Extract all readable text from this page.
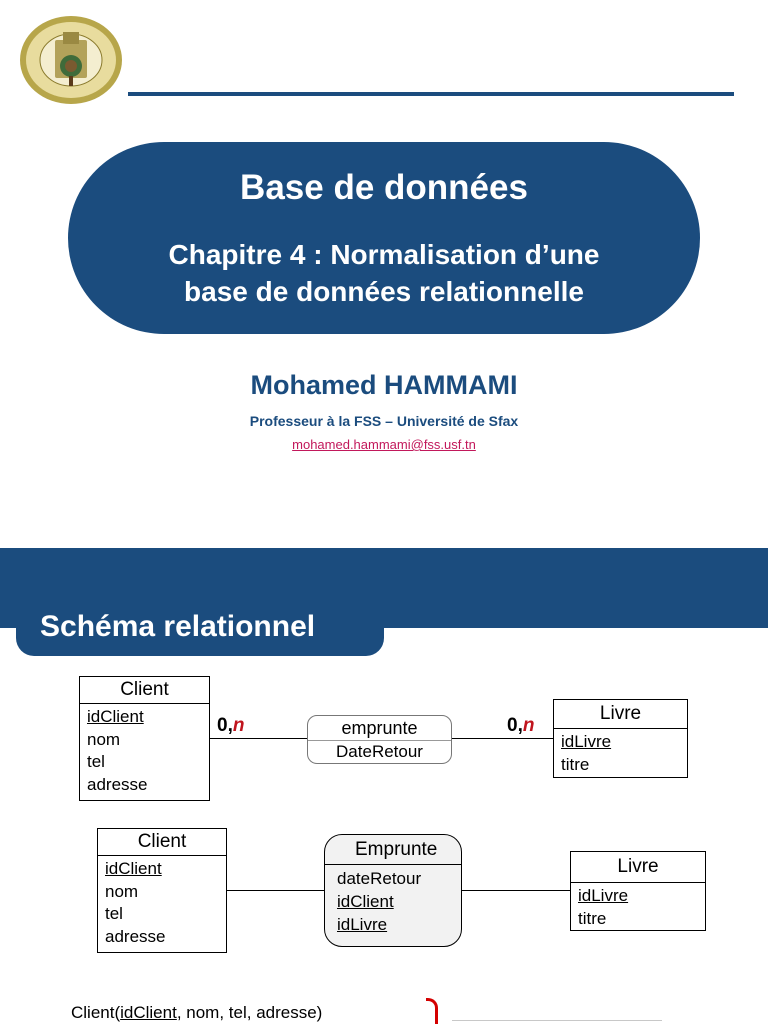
Base de données
Chapitre 4 : Normalisation d’une
base de données relationnelle
Mohamed HAMMAMI
Professeur à la FSS – Université de Sfax
mohamed.hammami@fss.usf.tn
Schéma relationnel
Client
idClient
nom
tel
adresse
0,n	emprunte
DateRetour
0,n
Livre
idLivre
titre
Client
idClient
nom
tel
adresse
Emprunte
dateRetour
idClient
idLivre
Livre
idLivre
titre
Client(idClient, nom, tel, adresse)
